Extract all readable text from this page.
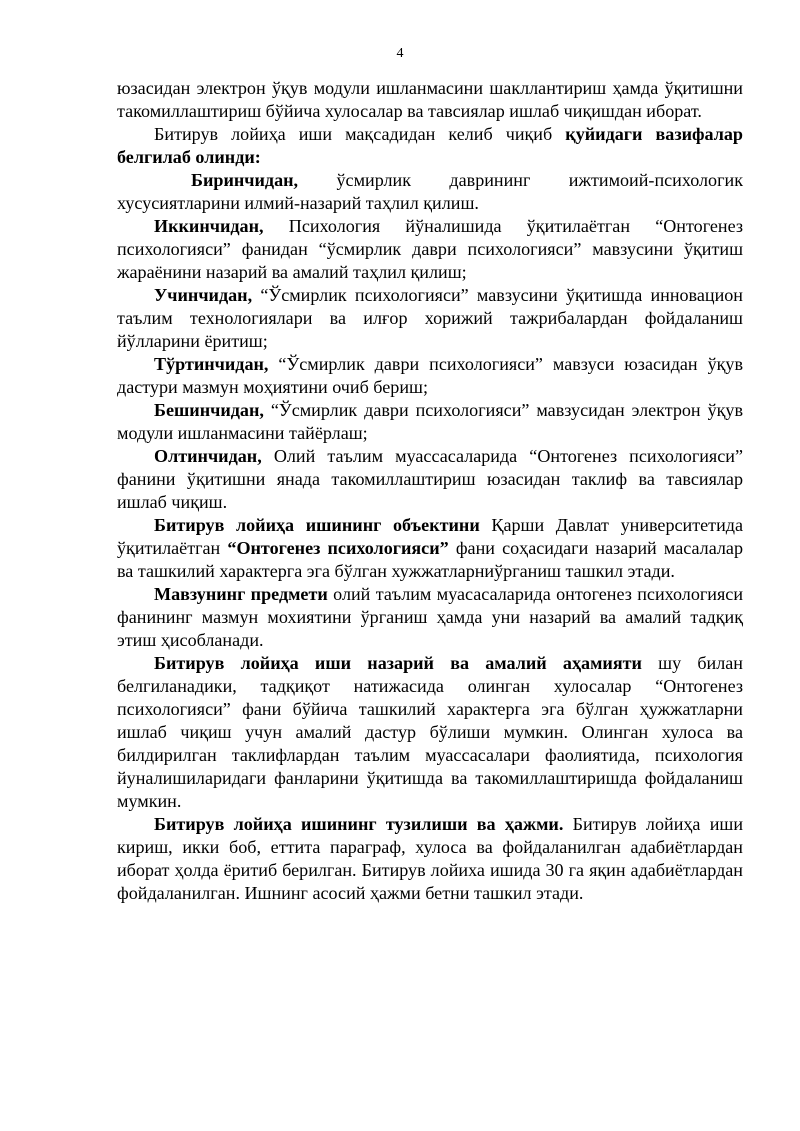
4

юзасидан электрон ўқув модули ишланмасини шакллантириш ҳамда ўқитишни такомиллаштириш бўйича хулосалар ва тавсиялар ишлаб чиқишдан иборат.

Битирув лойиҳа иши мақсадидан келиб чиқиб қуйидаги вазифалар белгилаб олинди:

Биринчидан, ўсмирлик даврининг ижтимоий-психологик хусусиятларини илмий-назарий таҳлил қилиш.

Иккинчидан, Психология йўналишида ўқитилаётган “Онтогенез психологияси” фанидан “ўсмирлик даври психологияси” мавзусини ўқитиш жараёнини назарий ва амалий таҳлил қилиш;

Учинчидан, “Ўсмирлик психологияси” мавзусини ўқитишда инновацион таълим технологиялари ва илғор хорижий тажрибалардан фойдаланиш йўлларини ёритиш;

Тўртинчидан, “Ўсмирлик даври психологияси” мавзуси юзасидан ўқув дастури мазмун моҳиятини очиб бериш;

Бешинчидан, “Ўсмирлик даври психологияси” мавзусидан электрон ўқув модули ишланмасини тайёрлаш;

Олтинчидан, Олий таълим муассасаларида “Онтогенез психологияси” фанини ўқитишни янада такомиллаштириш юзасидан таклиф ва тавсиялар ишлаб чиқиш.

Битирув лойиҳа ишининг объектини Қарши Давлат университетида ўқитилаётган “Онтогенез психологияси” фани соҳасидаги назарий масалалар ва ташкилий характерга эга бўлган хужжатларниўрганиш ташкил этади.

Мавзунинг предмети олий таълим муасасаларида онтогенез психологияси фанининг мазмун мохиятини ўрганиш ҳамда уни назарий ва амалий тадқиқ этиш ҳисобланади.

Битирув лойиҳа иши назарий ва амалий аҳамияти шу билан белгиланадики, тадқиқот натижасида олинган хулосалар “Онтогенез психологияси” фани бўйича ташкилий характерга эга бўлган ҳужжатларни ишлаб чиқиш учун амалий дастур бўлиши мумкин. Олинган хулоса ва билдирилган таклифлардан таълим муассасалари фаолиятида, психология йуналишиларидаги фанларини ўқитишда ва такомиллаштиришда фойдаланиш мумкин.

Битирув лойиҳа ишининг тузилиши ва ҳажми. Битирув лойиҳа иши кириш, икки боб, еттита параграф, хулоса ва фойдаланилган адабиётлардан иборат ҳолда ёритиб берилган. Битирув лойиха ишида 30 га яқин адабиётлардан фойдаланилган. Ишнинг асосий ҳажми бетни ташкил этади.
